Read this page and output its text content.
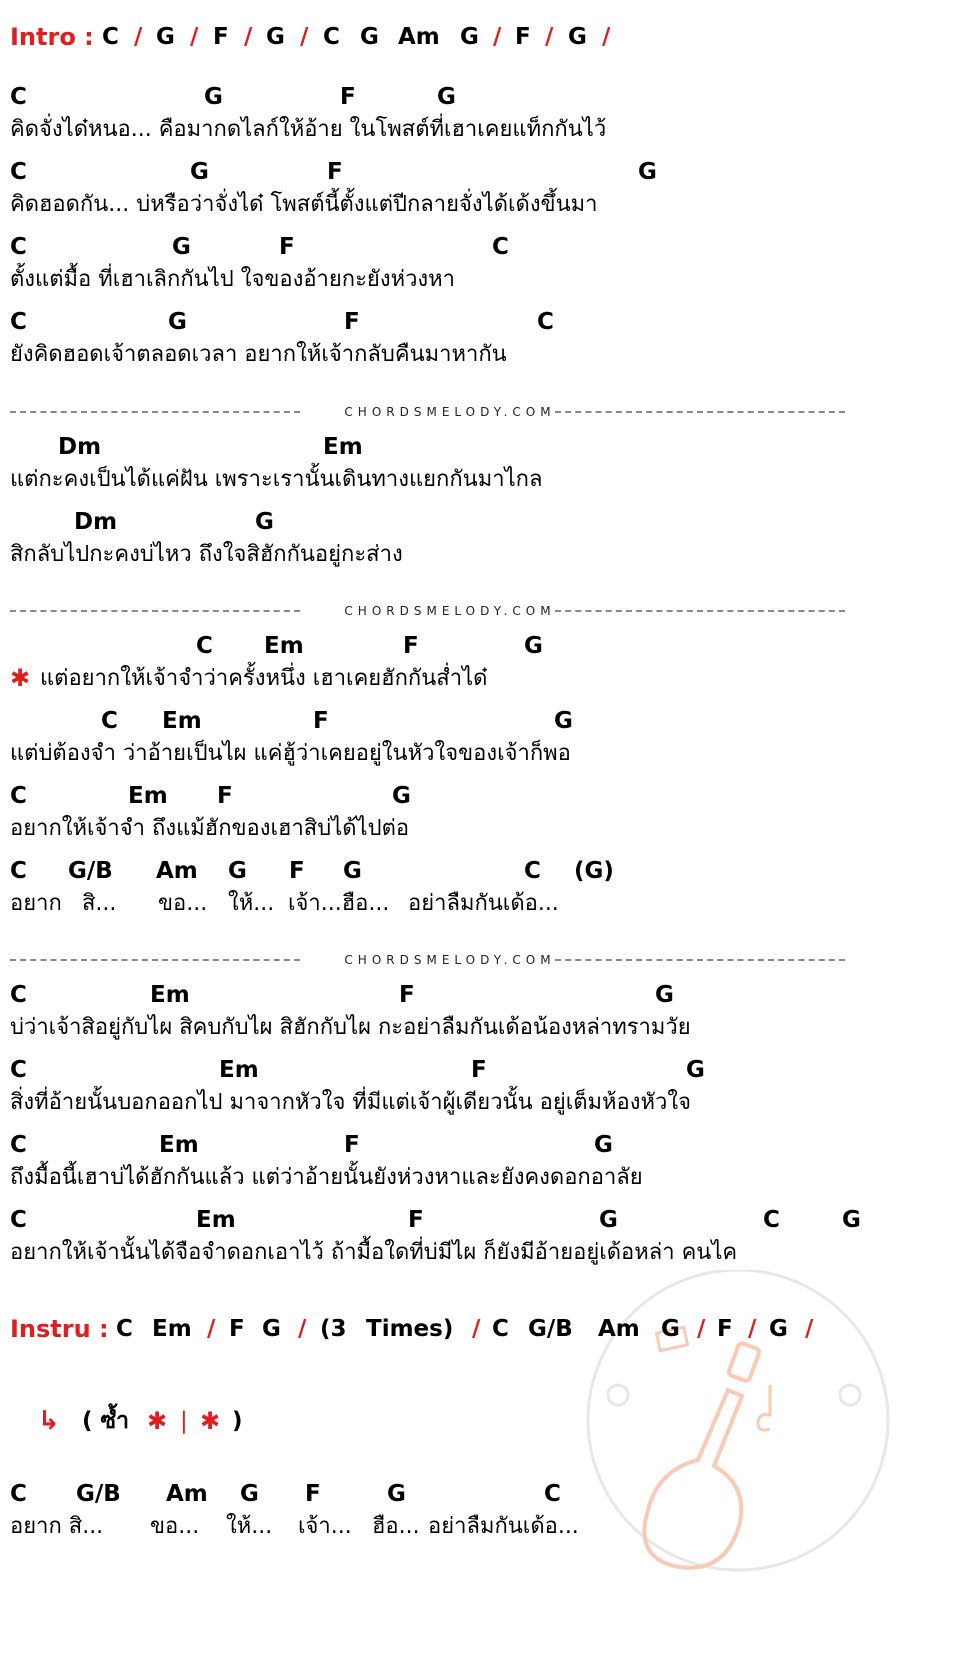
Intro : C / G / F / G / C G Am G / F / G /
C	G	F	G
คิดจั่งได๋หนอ... คือมากดไลก์ให้อ้าย ในโพสต์ที่เฮาเคยแท็กกันไว้
C	G	F	G
คิดฮอดกัน... บ่หรือว่าจั่งได๋ โพสต์นี้ตั้งแต่ปีกลายจั่งได้เด้งขึ้นมา
C	G	F	C
ตั้งแต่มื้อ ที่เฮาเลิกกันไป ใจของอ้ายกะยังห่วงหา
C	G	F	C
ยังคิดฮอดเจ้าตลอดเวลา อยากให้เจ้ากลับคืนมาหากัน
CHORDSMELODY.COM
Dm	Em
แต่กะคงเป็นได้แค่ฝัน เพราะเรานั้นเดินทางแยกกันมาไกล
Dm	G
สิกลับไปกะคงบ่ไหว ถึงใจสิฮักกันอยู่กะส่าง
CHORDSMELODY.COM
C Em	F	G
✱ แต่อยากให้เจ้าจำว่าครั้งหนึ่ง เฮาเคยฮักกันส่ำได๋
C Em	F	G
แต่บ่ต้องจำ ว่าอ้ายเป็นไผ แค่ฮู้ว่าเคยอยู่ในหัวใจของเจ้าก็พอ
C	Em F	G
อยากให้เจ้าจำ ถึงแม้ฮักของเฮาสิบ่ได้ไปต่อ
C G/B Am G F G	C (G)
อยาก สิ... ขอ... ให้... เจ้า...ฮือ... อย่าลืมกันเด้อ...
CHORDSMELODY.COM
C	Em	F	G
บ่ว่าเจ้าสิอยู่กับไผ สิคบกับไผ สิฮักกับไผ กะอย่าลืมกันเด้อน้องหล่าทรามวัย
C	Em	F	G
สิ่งที่อ้ายนั้นบอกออกไป มาจากหัวใจ ที่มีแต่เจ้าผู้เดียวนั้น อยู่เต็มห้องหัวใจ
C	Em	F	G
ถึงมื้อนี้เฮาบ่ได้ฮักกันแล้ว แต่ว่าอ้ายนั้นยังห่วงหาและยังคงดอกอาลัย
C	Em	F	G	C	G
อยากให้เจ้านั้นได้จือจำดอกเอาไว้ ถ้ามื้อใดที่บ่มีไผ ก็ยังมีอ้ายอยู่เด้อหล่า คนไค
Instru : C Em / F G / (3 Times) / C G/B Am G / F / G /
↳ ( ซ้ำ ✱ | ✱ )
C G/B Am G F	G	C
อยาก สิ... ขอ... ให้... เจ้า... ฮือ... อย่าลืมกันเด้อ...
